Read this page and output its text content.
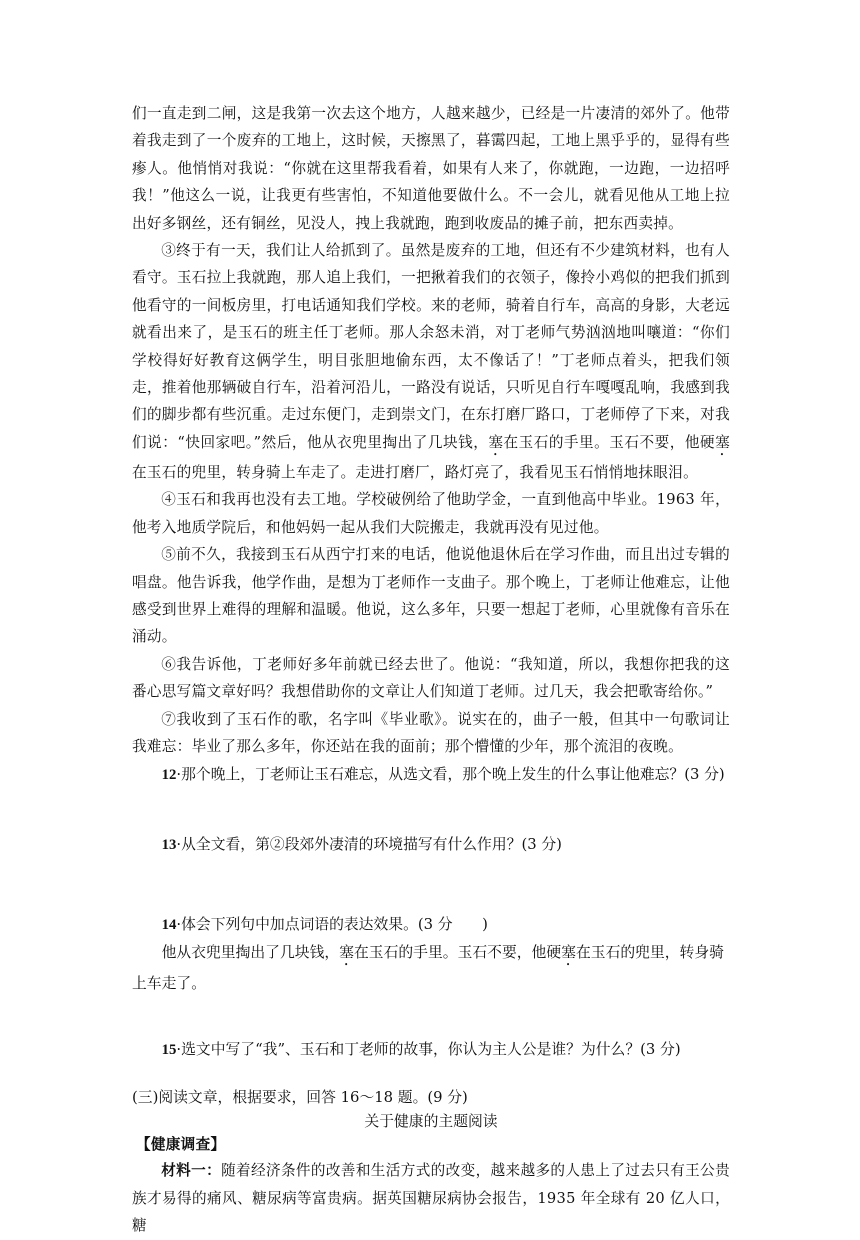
们一直走到二闸，这是我第一次去这个地方，人越来越少，已经是一片凄清的郊外了。他带着我走到了一个废弃的工地上，这时候，天擦黑了，暮霭四起，工地上黑乎乎的，显得有些瘆人。他悄悄对我说：“你就在这里帮我看着，如果有人来了，你就跑，一边跑，一边招呼我！”他这么一说，让我更有些害怕，不知道他要做什么。不一会儿，就看见他从工地上拉出好多钢丝，还有铜丝，见没人，拽上我就跑，跑到收废品的摊子前，把东西卖掉。

③终于有一天，我们让人给抓到了。虽然是废弃的工地，但还有不少建筑材料，也有人看守。玉石拉上我就跑，那人追上我们，一把揪着我们的衣领子，像拎小鸡似的把我们抓到他看守的一间板房里，打电话通知我们学校。来的老师，骑着自行车，高高的身影，大老远就看出来了，是玉石的班主任丁老师。那人余怒未消，对丁老师气势汹汹地叫嚷道：“你们学校得好好教育这俩学生，明目张胆地偷东西，太不像话了！”丁老师点着头，把我们领走，推着他那辆破自行车，沿着河沿儿，一路没有说话，只听见自行车嘎嘎乱响，我感到我们的脚步都有些沉重。走过东便门，走到崇文门，在东打磨厂路口，丁老师停了下来，对我们说：“快回家吧。”然后，他从衣兜里掏出了几块钱，塞在玉石的手里。玉石不要，他硬塞在玉石的兜里，转身骑上车走了。走进打磨厂，路灯亮了，我看见玉石悄悄地抹眼泪。

④玉石和我再也没有去工地。学校破例给了他助学金，一直到他高中毕业。1963 年，他考入地质学院后，和他妈妈一起从我们大院搬走，我就再没有见过他。

⑤前不久，我接到玉石从西宁打来的电话，他说他退休后在学习作曲，而且出过专辑的唱盘。他告诉我，他学作曲，是想为丁老师作一支曲子。那个晚上，丁老师让他难忘，让他感受到世界上难得的理解和温暖。他说，这么多年，只要一想起丁老师，心里就像有音乐在涌动。

⑥我告诉他，丁老师好多年前就已经去世了。他说：“我知道，所以，我想你把我的这番心思写篇文章好吗？我想借助你的文章让人们知道丁老师。过几天，我会把歌寄给你。”

⑦我收到了玉石作的歌，名字叫《毕业歌》。说实在的，曲子一般，但其中一句歌词让我难忘：毕业了那么多年，你还站在我的面前；那个懵懂的少年，那个流泪的夜晚。

12·那个晚上，丁老师让玉石难忘，从选文看，那个晚上发生的什么事让他难忘？(3 分)

13·从全文看，第②段郊外凄清的环境描写有什么作用？(3 分)

14·体会下列句中加点词语的表达效果。(3 分　　)

他从衣兜里掏出了几块钱，塞在玉石的手里。玉石不要，他硬塞在玉石的兜里，转身骑上车走了。

15·选文中写了“我”、玉石和丁老师的故事，你认为主人公是谁？为什么？(3 分)

(三)阅读文章，根据要求，回答 16～18 题。(9 分)

关于健康的主题阅读

【健康调查】

材料一：随着经济条件的改善和生活方式的改变，越来越多的人患上了过去只有王公贵族才易得的痛风、糖尿病等富贵病。据英国糖尿病协会报告，1935 年全球有 20 亿人口，糖
